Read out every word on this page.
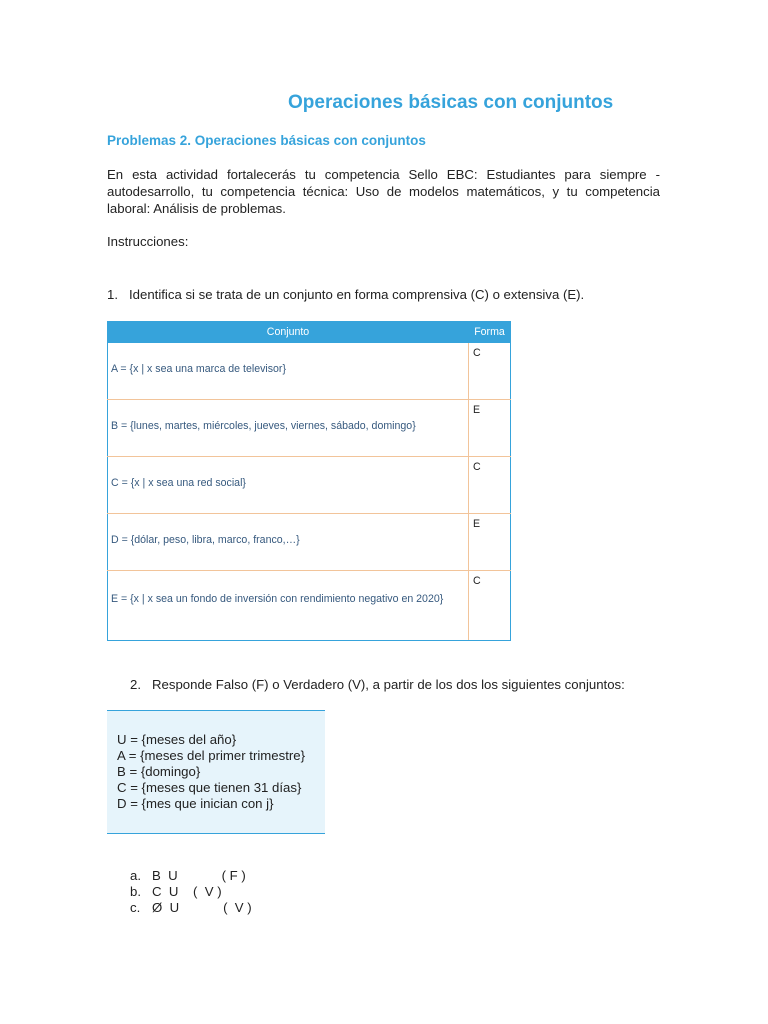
Operaciones básicas con conjuntos
Problemas 2. Operaciones básicas con conjuntos

En esta actividad fortalecerás tu competencia Sello EBC: Estudiantes para siempre - autodesarrollo, tu competencia técnica: Uso de modelos matemáticos, y tu competencia laboral: Análisis de problemas.

Instrucciones:

1. Identifica si se trata de un conjunto en forma comprensiva (C) o extensiva (E).

Conjunto	Forma

A = {x | x sea una marca de televisor}	C

B = {lunes, martes, miércoles, jueves, viernes, sábado, domingo}	E

C = {x | x sea una red social}	C

D = {dólar, peso, libra, marco, franco,…}	E

E = {x | x sea un fondo de inversión con rendimiento negativo en 2020}	C

2. Responde Falso (F) o Verdadero (V), a partir de los dos los siguientes conjuntos:

U = {meses del año}
A = {meses del primer trimestre}
B = {domingo}
C = {meses que tienen 31 días}
D = {mes que inician con j}
a. B  U            ( F )
b. C  U    (  V )
c. Ø  U            (  V )
